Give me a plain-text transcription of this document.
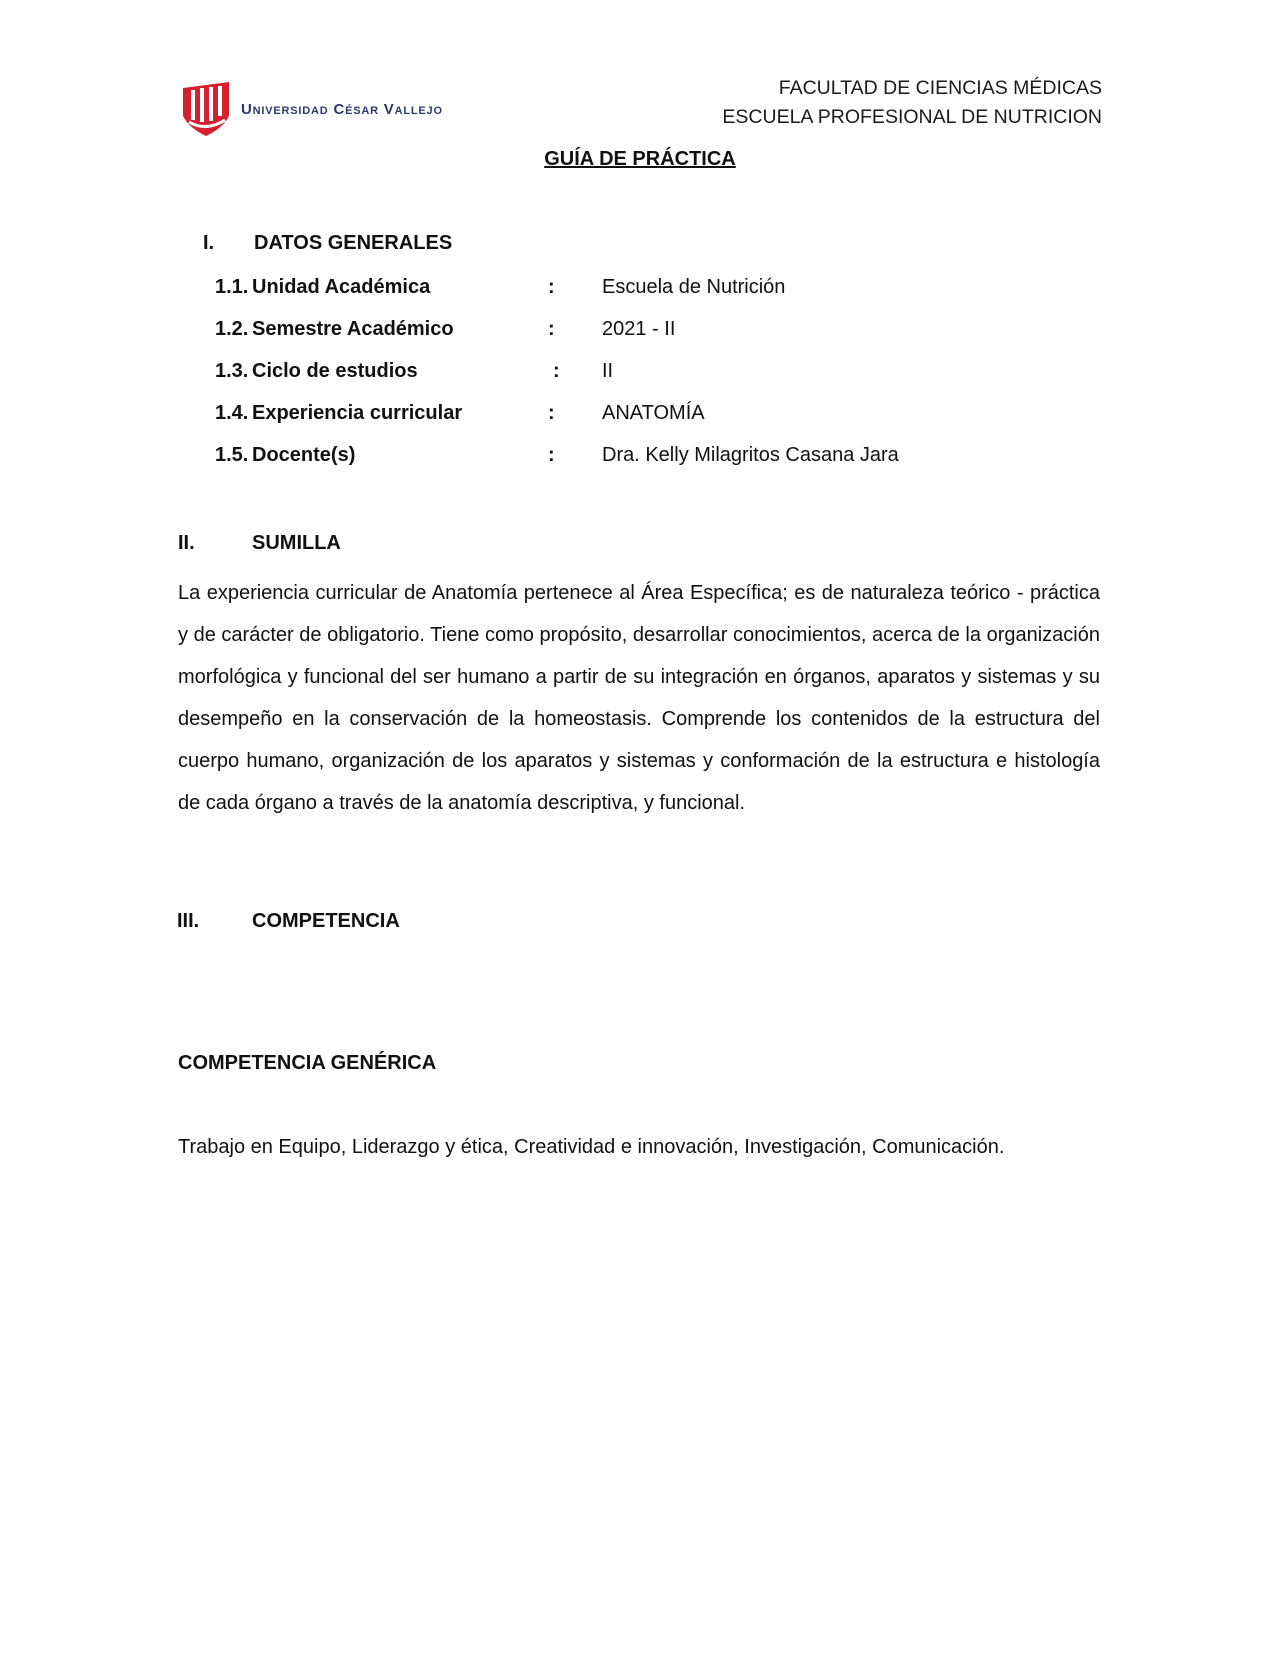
Universidad César Vallejo
FACULTAD DE CIENCIAS MÉDICAS
ESCUELA PROFESIONAL DE NUTRICION
GUÍA DE PRÁCTICA
I. DATOS GENERALES
1.1. Unidad Académica	: Escuela de Nutrición
1.2. Semestre Académico	: 2021 - II
1.3. Ciclo de estudios	: II
1.4. Experiencia curricular	: ANATOMÍA
1.5. Docente(s)	: Dra. Kelly Milagritos Casana Jara
II.	SUMILLA
La experiencia curricular de Anatomía pertenece al Área Específica; es de naturaleza teórico - práctica y de carácter de obligatorio. Tiene como propósito, desarrollar conocimientos, acerca de la organización morfológica y funcional del ser humano a partir de su integración en órganos, aparatos y sistemas y su desempeño en la conservación de la homeostasis. Comprende los contenidos de la estructura del cuerpo humano, organización de los aparatos y sistemas y conformación de la estructura e histología de cada órgano a través de la anatomía descriptiva, y funcional.
III.	COMPETENCIA
COMPETENCIA GENÉRICA
Trabajo en Equipo, Liderazgo y ética, Creatividad e innovación, Investigación, Comunicación.
